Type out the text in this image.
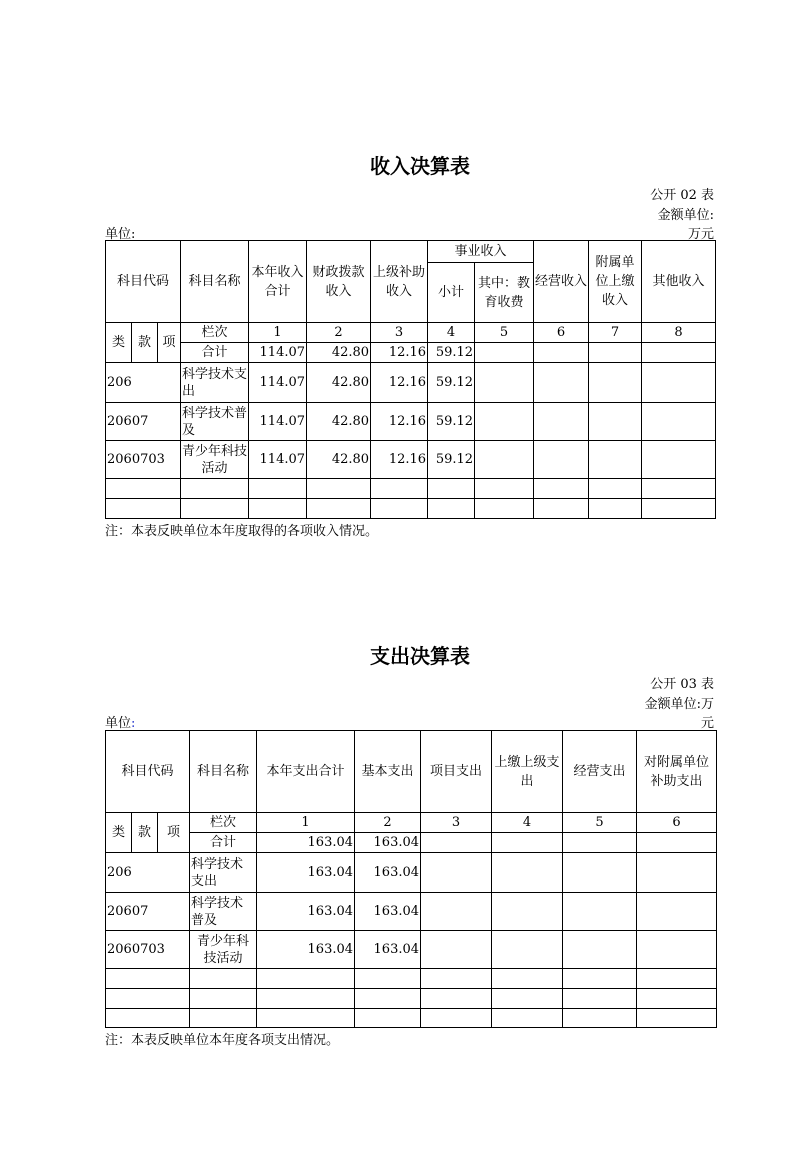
收入决算表
公开 02 表
金额单位:
单位:	万元
科目代码			科目名称	本年收入合计	财政拨款收入	上级补助收入	事业收入		经营收入	附属单位上缴收入	其他收入
							小计	其中：教育收费			
类	款	项	栏次	1	2	3	4	5	6	7	8
			合计	114.07	42.80	12.16	59.12				
206			科学技术支出	114.07	42.80	12.16	59.12				
20607			科学技术普及	114.07	42.80	12.16	59.12				
2060703			青少年科技活动	114.07	42.80	12.16	59.12				

注：本表反映单位本年度取得的各项收入情况。
支出决算表
公开 03 表
金额单位:万
单位:	元
科目代码			科目名称	本年支出合计	基本支出	项目支出	上缴上级支出	经营支出	对附属单位补助支出
类	款	项	栏次	1	2	3	4	5	6
			合计	163.04	163.04				
206			科学技术支出	163.04	163.04				
20607			科学技术普及	163.04	163.04				
2060703			青少年科技活动	163.04	163.04				

注：本表反映单位本年度各项支出情况。
